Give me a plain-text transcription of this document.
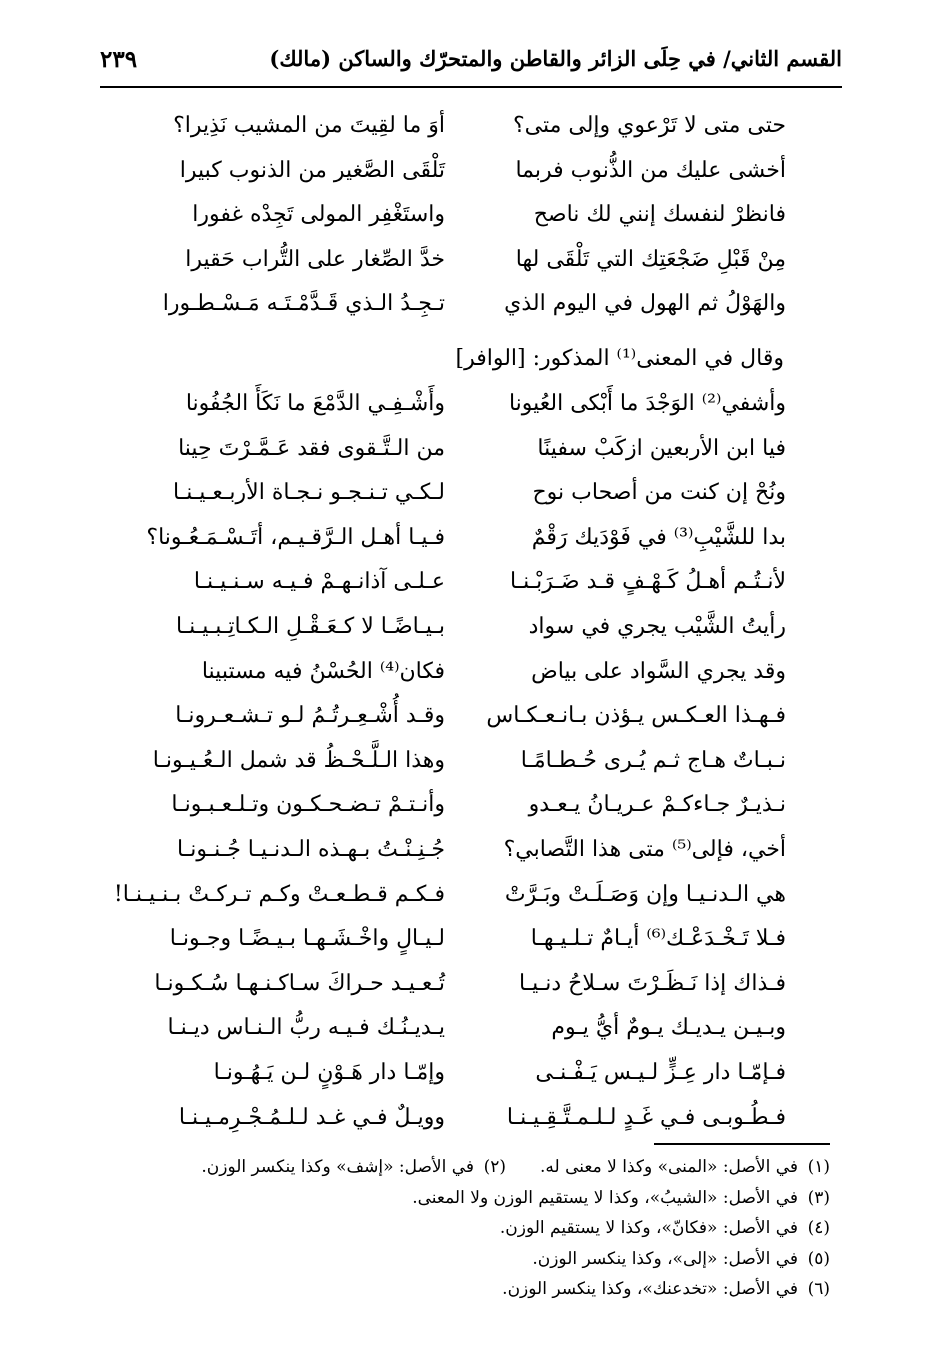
القسم الثاني/ في حِلَى الزائر والقاطن والمتحرّك والساكن (مالك)
٢٣٩
حتى متى لا تَرْعوي وإلى متى؟
أوَ ما لقِيتَ من المشيب نَذِيرا؟
أخشى عليك من الذُّنوب فربما
تَلْقَى الصَّغير من الذنوب كبيرا
فانظرْ لنفسك إنني لك ناصح
واستَغْفِر المولى تَجِدْه غفورا
مِنْ قَبْلِ ضَجْعَتِك التي تَلْقَى لها
خدَّ الصِّغار على التُّراب حَقيرا
والهَوْلُ ثم الهول في اليوم الذي
تـجِـدُ الـذي قَـدَّمْـتَـه مَـسْـطـورا
وقال في المعنى⁽¹⁾ المذكور: [الوافر]
وأشفي⁽²⁾ الوَجْدَ ما أَبْكى العُيونا
وأَشْـفِـي الدَّمْعَ ما نَكَأَ الجُفُونا
فيا ابن الأربعين ازكَبْ سفينًا
من الـتَّـقوى فقد عَـمَّـرْتَ حِينا
ونُحْ إن كنت من أصحاب نوح
لـكـي تـنـجـو نـجـاة الأربـعـيـنـا
بدا للشَّيْبِ⁽³⁾ في فَوْدَيك رَقْمٌ
فـيـا أهـل الـرَّقـيـم، أتَـسْـمَـعُـونا؟
لأنـتُـم أهـلُ كَـهْـفٍ قـد ضَـرَبْـنـا
عـلـى آذانـهـمْ فـيـه سـنـيـنـا
رأيتُ الشَّيْب يجري في سواد
بـيـاضًـا لا كـعَـقْـلِ الـكـاتِـبـيـنـا
وقد يجري السَّواد على بياض
فكان⁽⁴⁾ الحُسْنُ فيه مستبينا
فـهـذا العـكـس يـؤذن بـانـعـكـاس
وقـد أُشْـعِـرتُـمُ لـو تـشـعـرونـا
نـبـاتٌ هـاج ثـم يُـرى حُـطـامًـا
وهذا الـلَّـحْـظُ قد شمل الـعُـيـونـا
نـذيـرٌ جـاءكـمْ عـريـانُ يـعـدو
وأنـتـمْ تـضـحـكـون وتـلـعـبـونـا
أخي، فإلى⁽⁵⁾ متى هذا التَّصابي؟
جُـنِـنْـتُ بـهـذه الـدنـيـا جُـنـونـا
هي الـدنـيـا وإن وَصَـلَـتْ وبَـرَّتْ
فـكـم قـطـعـتْ وكـم تـركـتْ بـنـيـنـا!
فـلا تَـخْـدَعْـك⁽⁶⁾ أيـامٌ تـلـيـهـا
لـيـالٍ واخْـشَـهـا بـيـضًـا وجـونـا
فـذاك إذا نَـظَـرْتَ سـلاحُ دنـيـا
تُـعـيـد حـراكَ سـاكـنـهـا سُـكـونـا
وبـيـن يـديـك يـومٌ أيُّ يـوم
يـديـنُـك فـيـه ربُّ الـنـاس ديـنـا
فـإمّـا دار عِـزٍّ لـيـس يَـفْـنـى
وإمّـا دار هَـوْنٍ لـن يَـهُـونـا
فـطُـوبـى فـي غَـدٍ لـلـمـتَّـقِـيـنـا
وويـلٌ فـي غـد لـلـمُـجْـرِمـيـنـا
(١)في الأصل: «المنى» وكذا لا معنى له.(٢)في الأصل: «إشف» وكذا ينكسر الوزن.
(٣)في الأصل: «الشيبُ»، وكذا لا يستقيم الوزن ولا المعنى.
(٤)في الأصل: «فكانّ»، وكذا لا يستقيم الوزن.
(٥)في الأصل: «إلى»، وكذا ينكسر الوزن.
(٦)في الأصل: «تخدعنك»، وكذا ينكسر الوزن.
